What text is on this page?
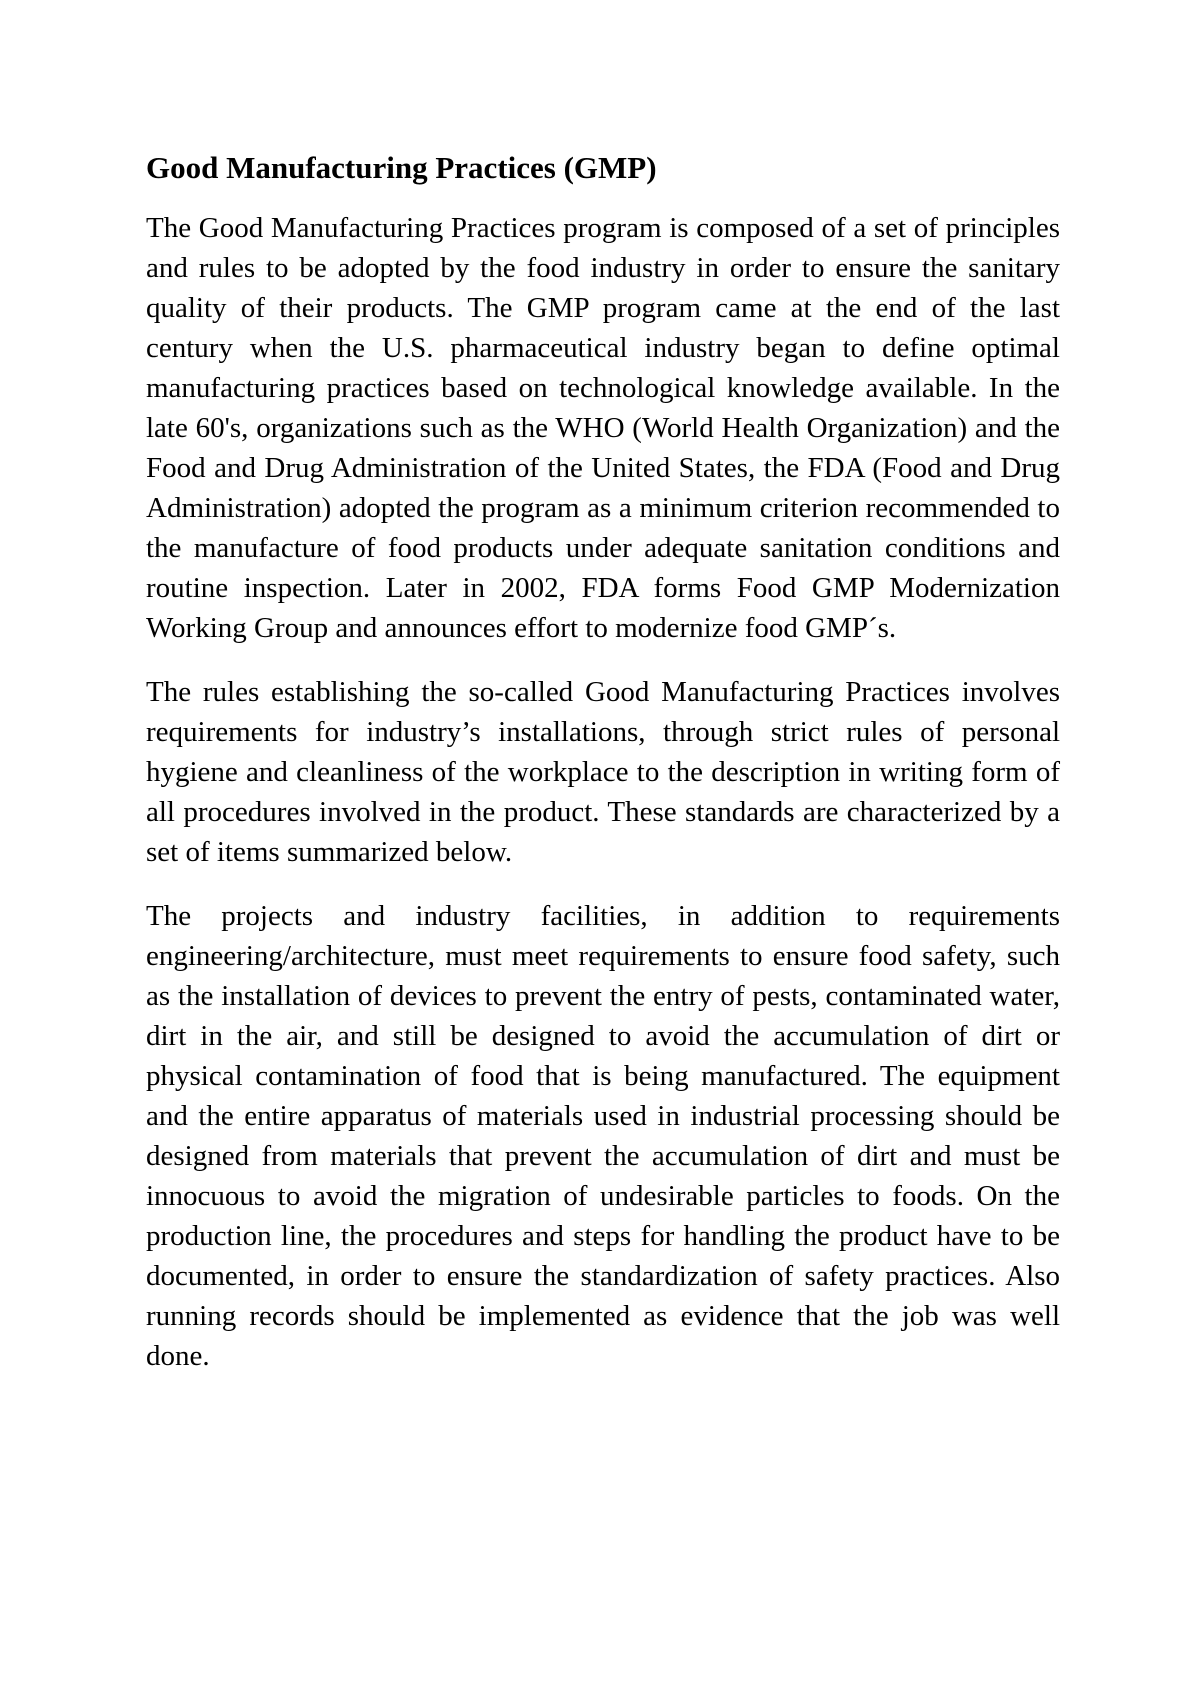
Good Manufacturing Practices (GMP)

The Good Manufacturing Practices program is composed of a set of principles and rules to be adopted by the food industry in order to ensure the sanitary quality of their products. The GMP program came at the end of the last century when the U.S. pharmaceutical industry began to define optimal manufacturing practices based on technological knowledge available. In the late 60's, organizations such as the WHO (World Health Organization) and the Food and Drug Administration of the United States, the FDA (Food and Drug Administration) adopted the program as a minimum criterion recommended to the manufacture of food products under adequate sanitation conditions and routine inspection. Later in 2002, FDA forms Food GMP Modernization Working Group and announces effort to modernize food GMP´s.

The rules establishing the so-called Good Manufacturing Practices involves requirements for industry’s installations, through strict rules of personal hygiene and cleanliness of the workplace to the description in writing form of all procedures involved in the product. These standards are characterized by a set of items summarized below.

The projects and industry facilities, in addition to requirements engineering/architecture, must meet requirements to ensure food safety, such as the installation of devices to prevent the entry of pests, contaminated water, dirt in the air, and still be designed to avoid the accumulation of dirt or physical contamination of food that is being manufactured. The equipment and the entire apparatus of materials used in industrial processing should be designed from materials that prevent the accumulation of dirt and must be innocuous to avoid the migration of undesirable particles to foods. On the production line, the procedures and steps for handling the product have to be documented, in order to ensure the standardization of safety practices. Also running records should be implemented as evidence that the job was well done.
